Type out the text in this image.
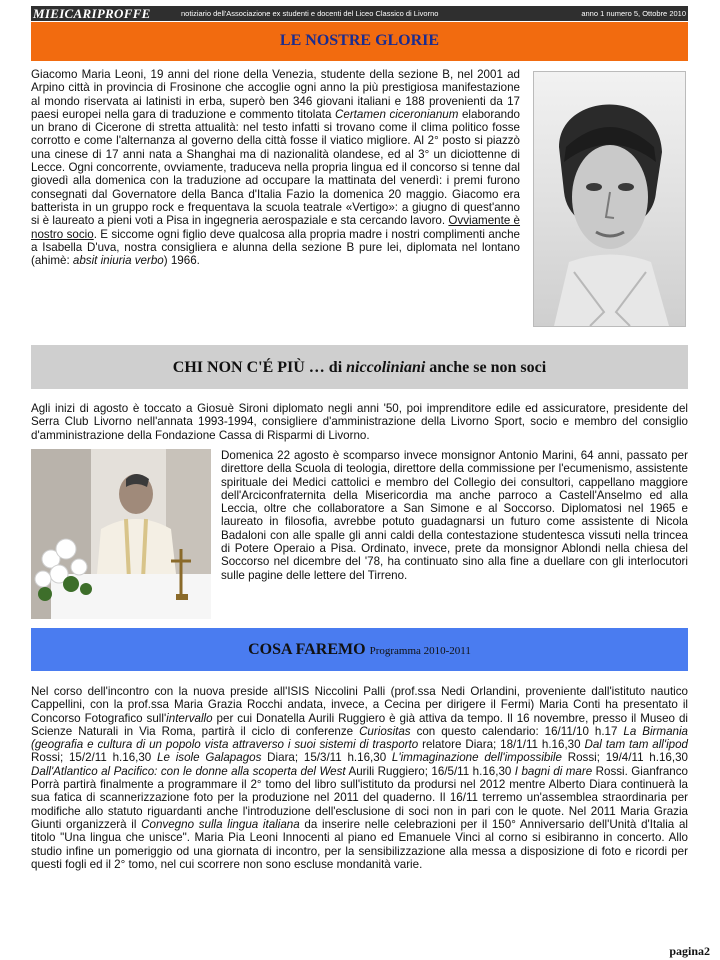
MIEICARIPROFFE	notiziario dell'Associazione ex studenti e docenti del Liceo Classico di Livorno	anno 1 numero 5, Ottobre 2010
LE NOSTRE GLORIE
Giacomo Maria Leoni, 19 anni del rione della Venezia, studente della sezione B, nel 2001 ad Arpino città in provincia di Frosinone che accoglie ogni anno la più prestigiosa manifestazione al mondo riservata ai latinisti in erba, superò ben 346 giovani italiani e 188 provenienti da 17 paesi europei nella gara di traduzione e commento titolata Certamen ciceronianum elaborando un brano di Cicerone di stretta attualità: nel testo infatti si trovano come il clima politico fosse corrotto e come l'alternanza al governo della città fosse il viatico migliore. Al 2° posto si piazzò una cinese di 17 anni nata a Shanghai ma di nazionalità olandese, ed al 3° un diciottenne di Lecce. Ogni concorrente, ovviamente, traduceva nella propria lingua ed il concorso si tenne dal giovedì alla domenica con la traduzione ad occupare la mattinata del venerdì: i premi furono consegnati dal Governatore della Banca d'Italia Fazio la domenica 20 maggio. Giacomo era batterista in un gruppo rock e frequentava la scuola teatrale «Vertigo»: a giugno di quest'anno si è laureato a pieni voti a Pisa in ingegneria aerospaziale e sta cercando lavoro. Ovviamente è nostro socio. E siccome ogni figlio deve qualcosa alla propria madre i nostri complimenti anche a Isabella D'uva, nostra consigliera e alunna della sezione B pure lei, diplomata nel lontano (ahimè: absit iniuria verbo) 1966.
CHI NON C'É PIÙ … di niccoliniani anche se non soci
Agli inizi di agosto è toccato a Giosuè Sironi diplomato negli anni '50, poi imprenditore edile ed assicuratore, presidente del Serra Club Livorno nell'annata 1993-1994, consigliere d'amministrazione della Livorno Sport, socio e membro del consiglio d'amministrazione della Fondazione Cassa di Risparmi di Livorno.
Domenica 22 agosto è scomparso invece monsignor Antonio Marini, 64 anni, passato per direttore della Scuola di teologia, direttore della commissione per l'ecumenismo, assistente spirituale dei Medici cattolici e membro del Collegio dei consultori, cappellano maggiore dell'Arciconfraternita della Misericordia ma anche parroco a Castell'Anselmo ed alla Leccia, oltre che collaboratore a San Simone e al Soccorso. Diplomatosi nel 1965 e laureato in filosofia, avrebbe potuto guadagnarsi un futuro come assistente di Nicola Badaloni con alle spalle gli anni caldi della contestazione studentesca vissuti nella trincea di Potere Operaio a Pisa. Ordinato, invece, prete da monsignor Ablondi nella chiesa del Soccorso nel dicembre del '78, ha continuato sino alla fine a duellare con gli interlocutori sulle pagine delle lettere del Tirreno.
COSA FAREMO Programma 2010-2011
Nel corso dell'incontro con la nuova preside all'ISIS Niccolini Palli (prof.ssa Nedi Orlandini, proveniente dall'istituto nautico Cappellini, con la prof.ssa Maria Grazia Rocchi andata, invece, a Cecina per dirigere il Fermi) Maria Conti ha presentato il Concorso Fotografico sull'intervallo per cui Donatella Aurili Ruggiero è già attiva da tempo. Il 16 novembre, presso il Museo di Scienze Naturali in Via Roma, partirà il ciclo di conferenze Curiositas con questo calendario: 16/11/10 h.17 La Birmania (geografia e cultura di un popolo vista attraverso i suoi sistemi di trasporto relatore Diara; 18/1/11 h.16,30 Dal tam tam all'ipod Rossi; 15/2/11 h.16,30 Le isole Galapagos Diara; 15/3/11 h.16,30 L'immaginazione dell'impossibile Rossi; 19/4/11 h.16,30 Dall'Atlantico al Pacifico: con le donne alla scoperta del West Aurili Ruggiero; 16/5/11 h.16,30 I bagni di mare Rossi. Gianfranco Porrà partirà finalmente a programmare il 2° tomo del libro sull'istituto da prodursi nel 2012 mentre Alberto Diara continuerà la sua fatica di scannerizzazione foto per la produzione nel 2011 del quaderno. Il 16/11 terremo un'assemblea straordinaria per modifiche allo statuto riguardanti anche l'introduzione dell'esclusione di soci non in pari con le quote. Nel 2011 Maria Grazia Giunti organizzerà il Convegno sulla lingua italiana da inserire nelle celebrazioni per il 150° Anniversario dell'Unità d'Italia al titolo "Una lingua che unisce". Maria Pia Leoni Innocenti al piano ed Emanuele Vinci al corno si esibiranno in concerto. Allo studio infine un pomeriggio od una giornata di incontro, per la sensibilizzazione alla messa a disposizione di foto e ricordi per questi fogli ed il 2° tomo, nel cui scorrere non sono escluse mondanità varie.
pagina2
